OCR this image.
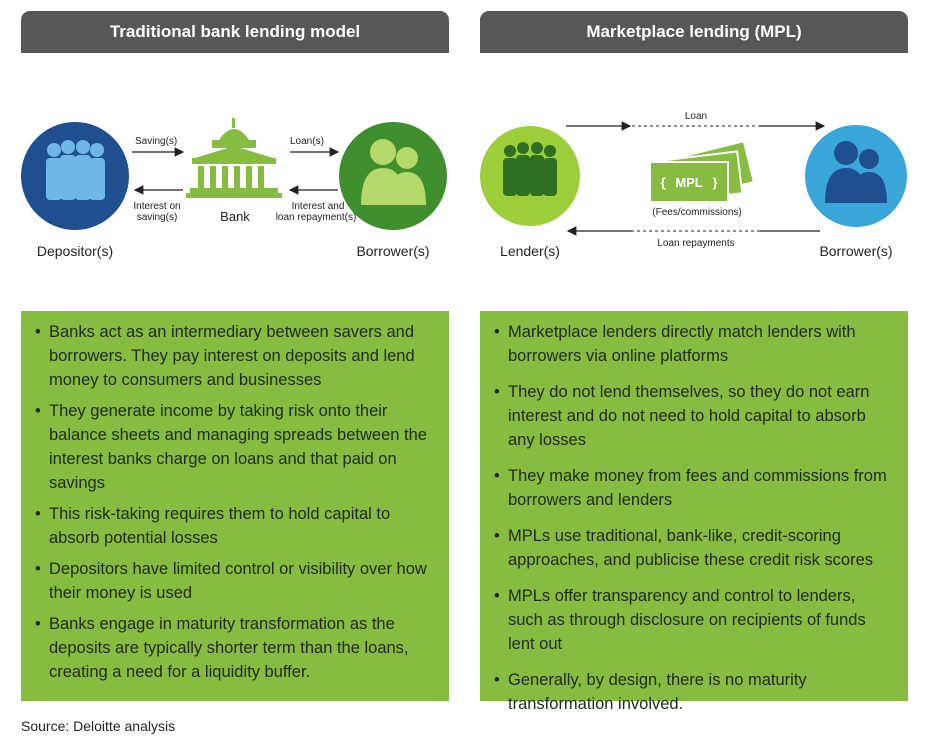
Traditional bank lending model	Marketplace lending (MPL)
Depositor(s)
Saving(s)
Interest on
saving(s)	Bank
Loan(s)
Interest and
loan repayment(s)
Borrower(s)	Lender(s)
Loan
MPL
{	}
(Fees/commissions)
Loan repayments	Borrower(s)
• Banks act as an intermediary between savers and borrowers. They pay interest on deposits and lend money to consumers and businesses
• They generate income by taking risk onto their balance sheets and managing spreads between the interest banks charge on loans and that paid on savings
• This risk-taking requires them to hold capital to absorb potential losses
• Depositors have limited control or visibility over how their money is used
• Banks engage in maturity transformation as the deposits are typically shorter term than the loans, creating a need for a liquidity buffer.
• Marketplace lenders directly match lenders with borrowers via online platforms
• They do not lend themselves, so they do not earn interest and do not need to hold capital to absorb any losses
• They make money from fees and commissions from borrowers and lenders
• MPLs use traditional, bank-like, credit-scoring approaches, and publicise these credit risk scores
• MPLs offer transparency and control to lenders, such as through disclosure on recipients of funds lent out
• Generally, by design, there is no maturity transformation involved.
Source: Deloitte analysis
